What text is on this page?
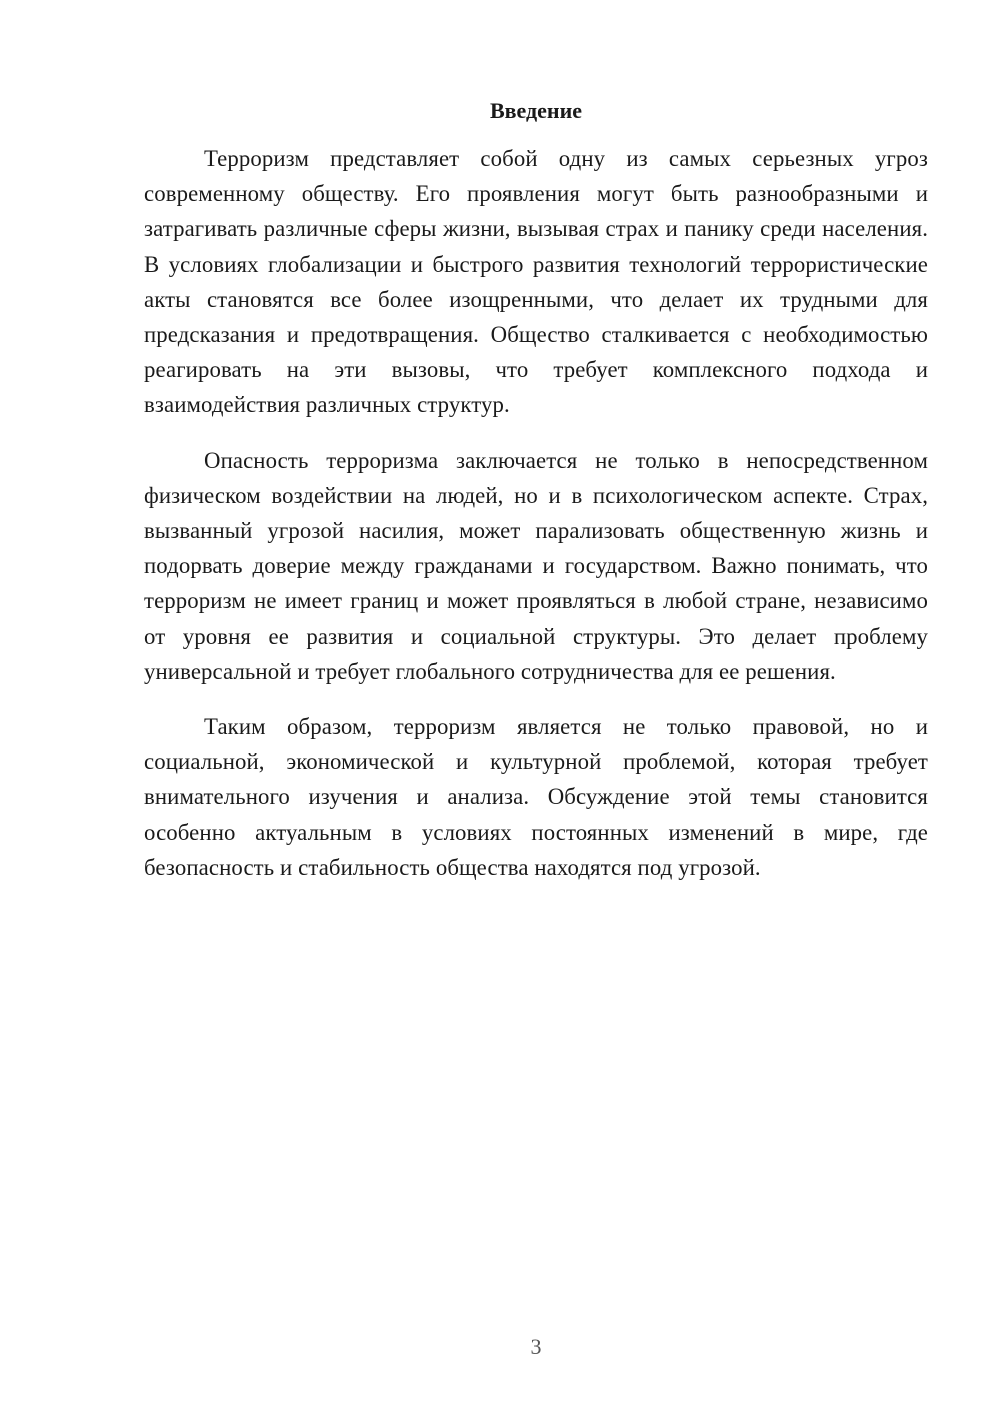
Введение

Терроризм представляет собой одну из самых серьезных угроз современному обществу. Его проявления могут быть разнообразными и затрагивать различные сферы жизни, вызывая страх и панику среди населения. В условиях глобализации и быстрого развития технологий террористические акты становятся все более изощренными, что делает их трудными для предсказания и предотвращения. Общество сталкивается с необходимостью реагировать на эти вызовы, что требует комплексного подхода и взаимодействия различных структур.

Опасность терроризма заключается не только в непосредственном физическом воздействии на людей, но и в психологическом аспекте. Страх, вызванный угрозой насилия, может парализовать общественную жизнь и подорвать доверие между гражданами и государством. Важно понимать, что терроризм не имеет границ и может проявляться в любой стране, независимо от уровня ее развития и социальной структуры. Это делает проблему универсальной и требует глобального сотрудничества для ее решения.

Таким образом, терроризм является не только правовой, но и социальной, экономической и культурной проблемой, которая требует внимательного изучения и анализа. Обсуждение этой темы становится особенно актуальным в условиях постоянных изменений в мире, где безопасность и стабильность общества находятся под угрозой.

3
